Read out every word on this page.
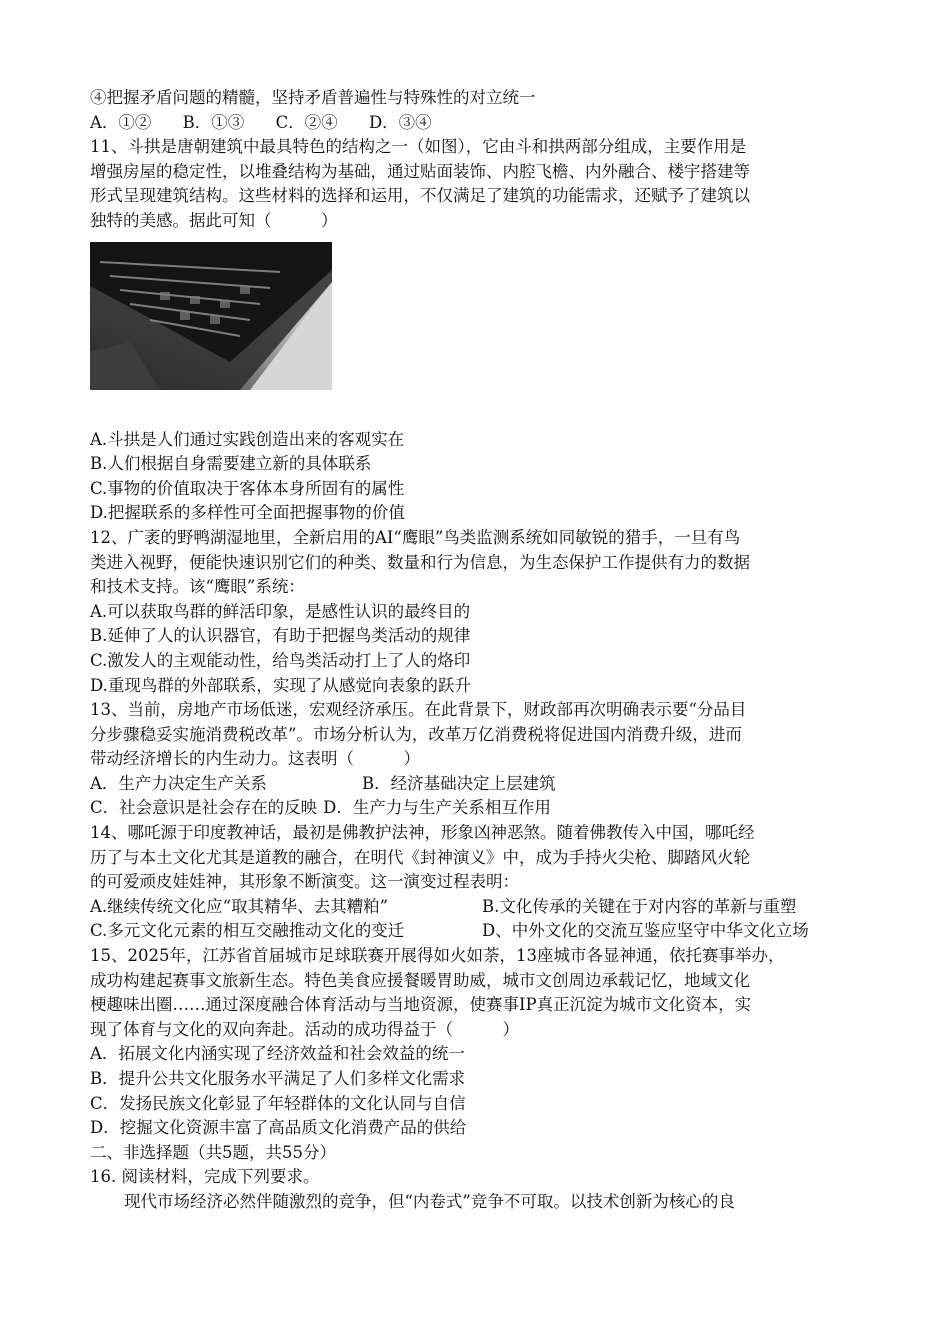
④把握矛盾问题的精髓，坚持矛盾普遍性与特殊性的对立统一
A．①② B．①③ C．②④ D．③④
11、斗拱是唐朝建筑中最具特色的结构之一（如图），它由斗和拱两部分组成，主要作用是
增强房屋的稳定性，以堆叠结构为基础，通过贴面装饰、内腔飞檐、内外融合、楼宇搭建等
形式呈现建筑结构。这些材料的选择和运用，不仅满足了建筑的功能需求，还赋予了建筑以
独特的美感。据此可知（　　　）
A.斗拱是人们通过实践创造出来的客观实在
B.人们根据自身需要建立新的具体联系
C.事物的价值取决于客体本身所固有的属性
D.把握联系的多样性可全面把握事物的价值
12、广袤的野鸭湖湿地里，全新启用的AI“鹰眼”鸟类监测系统如同敏锐的猎手，一旦有鸟
类进入视野，便能快速识别它们的种类、数量和行为信息，为生态保护工作提供有力的数据
和技术支持。该“鹰眼”系统：
A.可以获取鸟群的鲜活印象，是感性认识的最终目的
B.延伸了人的认识器官，有助于把握鸟类活动的规律
C.激发人的主观能动性，给鸟类活动打上了人的烙印
D.重现鸟群的外部联系，实现了从感觉向表象的跃升
13、当前，房地产市场低迷，宏观经济承压。在此背景下，财政部再次明确表示要“分品目
分步骤稳妥实施消费税改革”。市场分析认为，改革万亿消费税将促进国内消费升级，进而
带动经济增长的内生动力。这表明（　　　）
A．生产力决定生产关系	B．经济基础决定上层建筑
C．社会意识是社会存在的反映 D．生产力与生产关系相互作用
14、哪吒源于印度教神话，最初是佛教护法神，形象凶神恶煞。随着佛教传入中国，哪吒经
历了与本土文化尤其是道教的融合，在明代《封神演义》中，成为手持火尖枪、脚踏风火轮
的可爱顽皮娃娃神，其形象不断演变。这一演变过程表明：
A.继续传统文化应“取其精华、去其糟粕”	B.文化传承的关键在于对内容的革新与重塑
C.多元文化元素的相互交融推动文化的变迁	D、中外文化的交流互鉴应坚守中华文化立场
15、2025年，江苏省首届城市足球联赛开展得如火如荼，13座城市各显神通，依托赛事举办，
成功构建起赛事文旅新生态。特色美食应援餐暖胃助威，城市文创周边承载记忆，地域文化
梗趣味出圈……通过深度融合体育活动与当地资源，使赛事IP真正沉淀为城市文化资本，实
现了体育与文化的双向奔赴。活动的成功得益于（　　　）
A．拓展文化内涵实现了经济效益和社会效益的统一
B．提升公共文化服务水平满足了人们多样文化需求
C．发扬民族文化彰显了年轻群体的文化认同与自信
D．挖掘文化资源丰富了高品质文化消费产品的供给
二、非选择题（共5题，共55分）
16. 阅读材料，完成下列要求。
现代市场经济必然伴随激烈的竞争，但“内卷式”竞争不可取。以技术创新为核心的良
